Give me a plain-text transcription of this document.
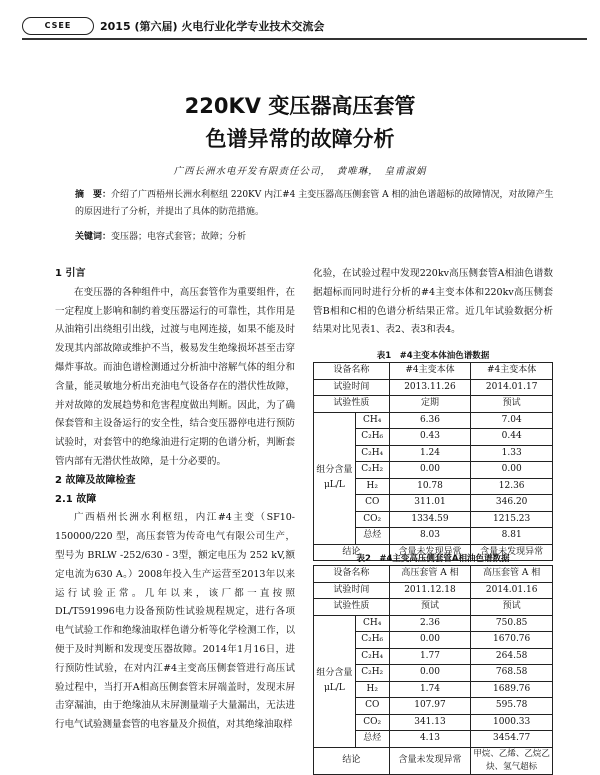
CSEE	2015 (第六届) 火电行业化学专业技术交流会
220KV 变压器高压套管
色谱异常的故障分析
广西长洲水电开发有限责任公司，　黄唯琳，　皇甫淑娟
摘　要：介绍了广西梧州长洲水利枢纽 220KV 内江#4 主变压器高压侧套管 A 相的油色谱超标的故障情况，对故障产生的原因进行了分析，并提出了具体的防范措施。
关键词：变压器；电容式套管；故障；分析

1 引言

在变压器的各种组件中，高压套管作为重要组件，在一定程度上影响和制约着变压器运行的可靠性，其作用是从油箱引出绕组引出线，过渡与电网连接，如果不能及时发现其内部故障或维护不当，极易发生绝缘损坏甚至击穿爆炸事故。而油色谱检测通过分析油中溶解气体的组分和含量，能灵敏地分析出充油电气设备存在的潜伏性故障，并对故障的发展趋势和危害程度做出判断。因此，为了确保套管和主设备运行的安全性，结合变压器停电进行预防试验时，对套管中的绝缘油进行定期的色谱分析，判断套管内部有无潜伏性故障，是十分必要的。

2 故障及故障检查

2.1 故障

广西梧州长洲水利枢纽，内江#4主变（SF10-150000/220 型，高压套管为传奇电气有限公司生产，型号为 BRLW -252/630 - 3型，额定电压为 252 kV,额定电流为630 A。）2008年投入生产运营至2013年以来运行试验正常。几年以来，该厂都一直按照DL/T591996电力设备预防性试验规程规定，进行各项电气试验工作和绝缘油取样色谱分析等化学检测工作，以便于及时判断和发现变压器故障。2014年1月16日，进行预防性试验，在对内江#4主变高压侧套管进行高压试验过程中，当打开A相高压侧套管末屏端盖时，发现末屏击穿漏油，由于绝缘油从末屏测量端子大量漏出，无法进行电气试验测量套管的电容量及介损值，对其绝缘油取样

化验，在试验过程中发现220kv高压侧套管A相油色谱数据超标而同时进行分析的#4主变本体和220kv高压侧套管B相和C相的色谱分析结果正常。近几年试验数据分析结果对比见表1、表2、表3和表4。

表1　#4主变本体油色谱数据
设备名称		#4主变本体	#4主变本体
试验时间		2013.11.26	2014.01.17
试验性质		定期	预试
组分含量μL/L	CH₄	6.36	7.04
	C₂H₆	0.43	0.44
	C₂H₄	1.24	1.33
	C₂H₂	0.00	0.00
	H₂	10.78	12.36
	CO	311.01	346.20
	CO₂	1334.59	1215.23
	总烃	8.03	8.81
结论		含量未发现异常	含量未发现异常
表2　#4主变高压侧套管A相油色谱数据
设备名称		高压套管 A 相	高压套管 A 相
试验时间		2011.12.18	2014.01.16
试验性质		预试	预试
组分含量μL/L	CH₄	2.36	750.85
	C₂H₆	0.00	1670.76
	C₂H₄	1.77	264.58
	C₂H₂	0.00	768.58
	H₂	1.74	1689.76
	CO	107.97	595.78
	CO₂	341.13	1000.33
	总烃	4.13	3454.77
结论		含量未发现异常	甲烷、乙烯、乙烷乙炔、氢气超标
